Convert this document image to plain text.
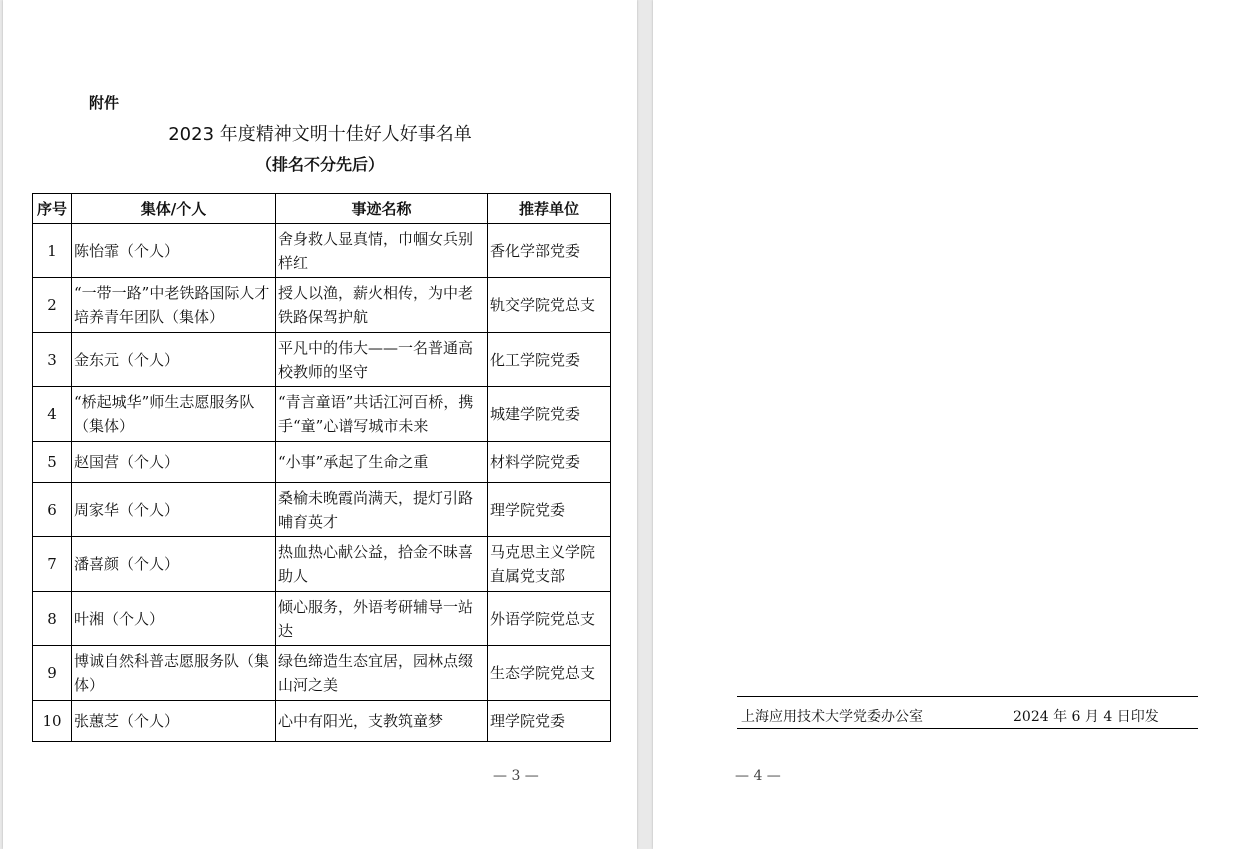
附件
2023 年度精神文明十佳好人好事名单
（排名不分先后）
序号	集体/个人	事迹名称	推荐单位
1	陈怡霏（个人）	舍身救人显真情，巾帼女兵别样红	香化学部党委
2	“一带一路”中老铁路国际人才培养青年团队（集体）	授人以渔，薪火相传，为中老铁路保驾护航	轨交学院党总支
3	金东元（个人）	平凡中的伟大——一名普通高校教师的坚守	化工学院党委
4	“桥起城华”师生志愿服务队（集体）	“青言童语”共话江河百桥，携手“童”心谱写城市未来	城建学院党委
5	赵国营（个人）	“小事”承起了生命之重	材料学院党委
6	周家华（个人）	桑榆未晚霞尚满天，提灯引路哺育英才	理学院党委
7	潘喜颜（个人）	热血热心献公益，拾金不昧喜助人	马克思主义学院直属党支部
8	叶湘（个人）	倾心服务，外语考研辅导一站达	外语学院党总支
9	博诚自然科普志愿服务队（集体）	绿色缔造生态宜居，园林点缀山河之美	生态学院党总支
10	张蕙芝（个人）	心中有阳光，支教筑童梦	理学院党委
— 3 —
上海应用技术大学党委办公室	2024 年 6 月 4 日印发
— 4 —
